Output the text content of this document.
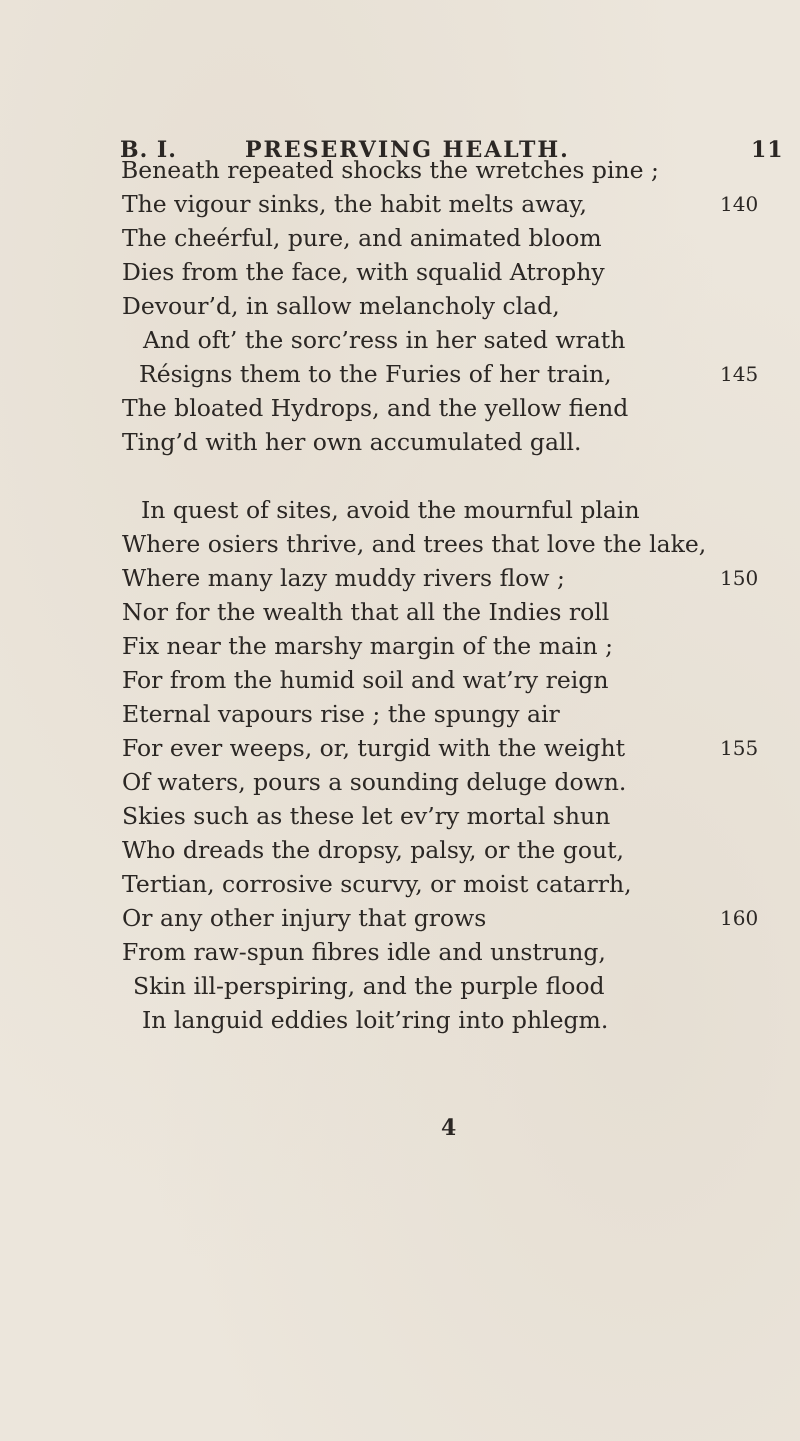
B. I.	PRESERVING HEALTH.	11
Beneath repeated shocks the wretches pine ;
The vigour sinks, the habit melts away,
The cheérful, pure, and animated bloom
Dies from the face, with squalid Atrophy
Devour’d, in sallow melancholy clad,
And oft’ the sorc’ress in her sated wrath
Résigns them to the Furies of her train,
The bloated Hydrops, and the yellow fiend
Ting’d with her own accumulated gall.
In quest of sites, avoid the mournful plain
Where osiers thrive, and trees that love the lake,
Where many lazy muddy rivers flow ;
Nor for the wealth that all the Indies roll
Fix near the marshy margin of the main ;
For from the humid soil and wat’ry reign
Eternal vapours rise ; the spungy air
For ever weeps, or, turgid with the weight
Of waters, pours a sounding deluge down.
Skies such as these let ev’ry mortal shun
Who dreads the dropsy, palsy, or the gout,
Tertian, corrosive scurvy, or moist catarrh,
Or any other injury that grows
From raw-spun fibres idle and unstrung,
Skin ill-perspiring, and the purple flood
In languid eddies loit’ring into phlegm.
140
145
150
155
160
4
